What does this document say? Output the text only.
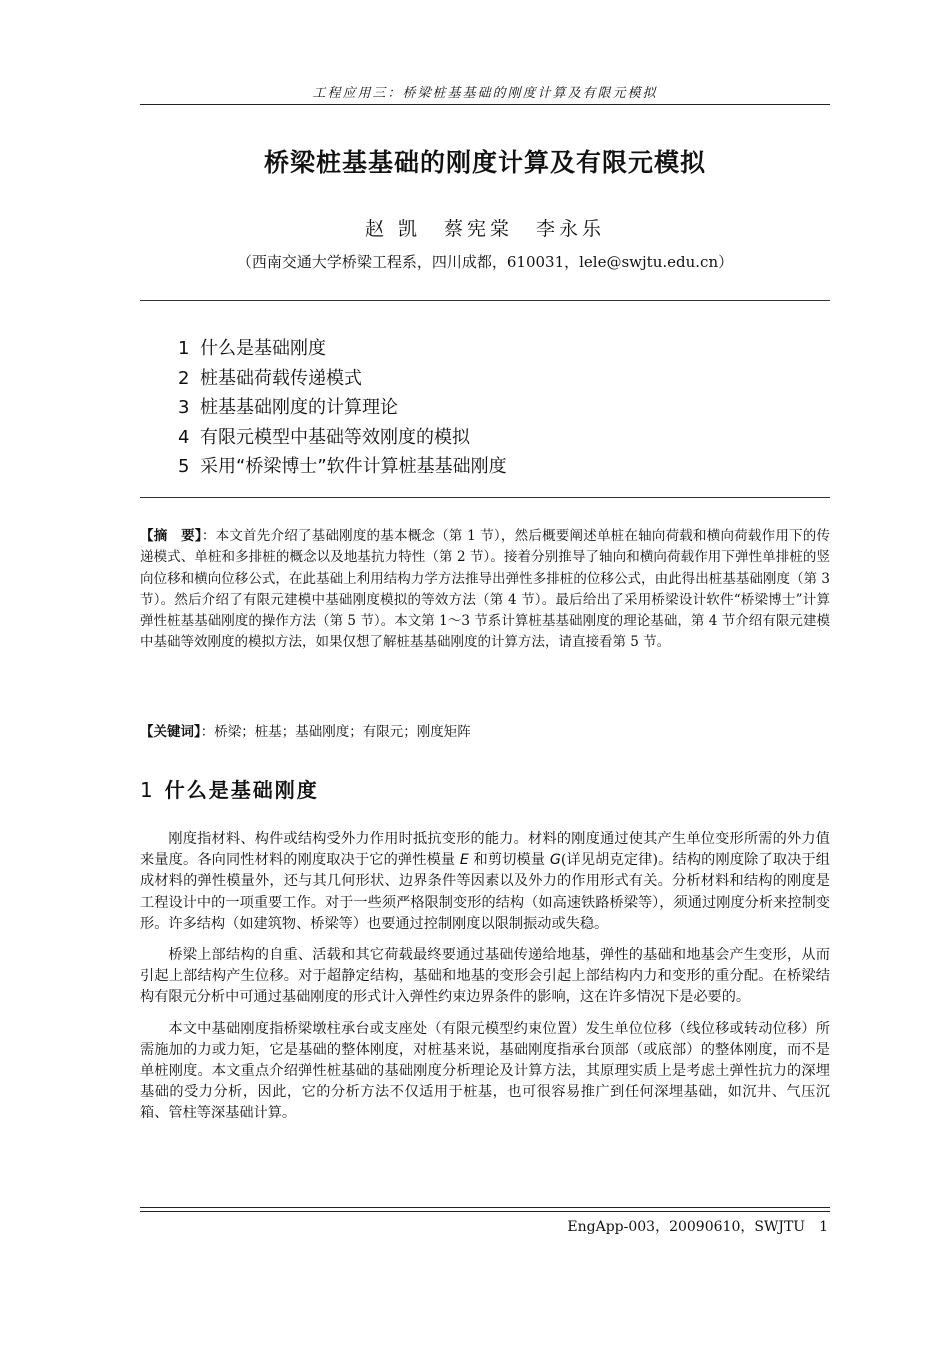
工程应用三：桥梁桩基基础的刚度计算及有限元模拟
桥梁桩基基础的刚度计算及有限元模拟
赵 凯　蔡宪棠　李永乐
（西南交通大学桥梁工程系，四川成都，610031，lele@swjtu.edu.cn）
1 什么是基础刚度
2 桩基础荷载传递模式
3 桩基基础刚度的计算理论
4 有限元模型中基础等效刚度的模拟
5 采用“桥梁博士”软件计算桩基基础刚度

【摘　要】：本文首先介绍了基础刚度的基本概念（第 1 节），然后概要阐述单桩在轴向荷载和横向荷载作用下的传递模式、单桩和多排桩的概念以及地基抗力特性（第 2 节）。接着分别推导了轴向和横向荷载作用下弹性单排桩的竖向位移和横向位移公式，在此基础上利用结构力学方法推导出弹性多排桩的位移公式，由此得出桩基基础刚度（第 3 节）。然后介绍了有限元建模中基础刚度模拟的等效方法（第 4 节）。最后给出了采用桥梁设计软件“桥梁博士”计算弹性桩基基础刚度的操作方法（第 5 节）。本文第 1～3 节系计算桩基基础刚度的理论基础，第 4 节介绍有限元建模中基础等效刚度的模拟方法，如果仅想了解桩基基础刚度的计算方法，请直接看第 5 节。

【关键词】：桥梁；桩基；基础刚度；有限元；刚度矩阵

1 什么是基础刚度

刚度指材料、构件或结构受外力作用时抵抗变形的能力。材料的刚度通过使其产生单位变形所需的外力值来量度。各向同性材料的刚度取决于它的弹性模量 E 和剪切模量 G(详见胡克定律)。结构的刚度除了取决于组成材料的弹性模量外，还与其几何形状、边界条件等因素以及外力的作用形式有关。分析材料和结构的刚度是工程设计中的一项重要工作。对于一些须严格限制变形的结构（如高速铁路桥梁等），须通过刚度分析来控制变形。许多结构（如建筑物、桥梁等）也要通过控制刚度以限制振动或失稳。

桥梁上部结构的自重、活载和其它荷载最终要通过基础传递给地基，弹性的基础和地基会产生变形，从而引起上部结构产生位移。对于超静定结构，基础和地基的变形会引起上部结构内力和变形的重分配。在桥梁结构有限元分析中可通过基础刚度的形式计入弹性约束边界条件的影响，这在许多情况下是必要的。

本文中基础刚度指桥梁墩柱承台或支座处（有限元模型约束位置）发生单位位移（线位移或转动位移）所需施加的力或力矩，它是基础的整体刚度，对桩基来说，基础刚度指承台顶部（或底部）的整体刚度，而不是单桩刚度。本文重点介绍弹性桩基础的基础刚度分析理论及计算方法，其原理实质上是考虑土弹性抗力的深埋基础的受力分析，因此，它的分析方法不仅适用于桩基，也可很容易推广到任何深埋基础，如沉井、气压沉箱、管柱等深基础计算。

EngApp-003，20090610，SWJTU　1
